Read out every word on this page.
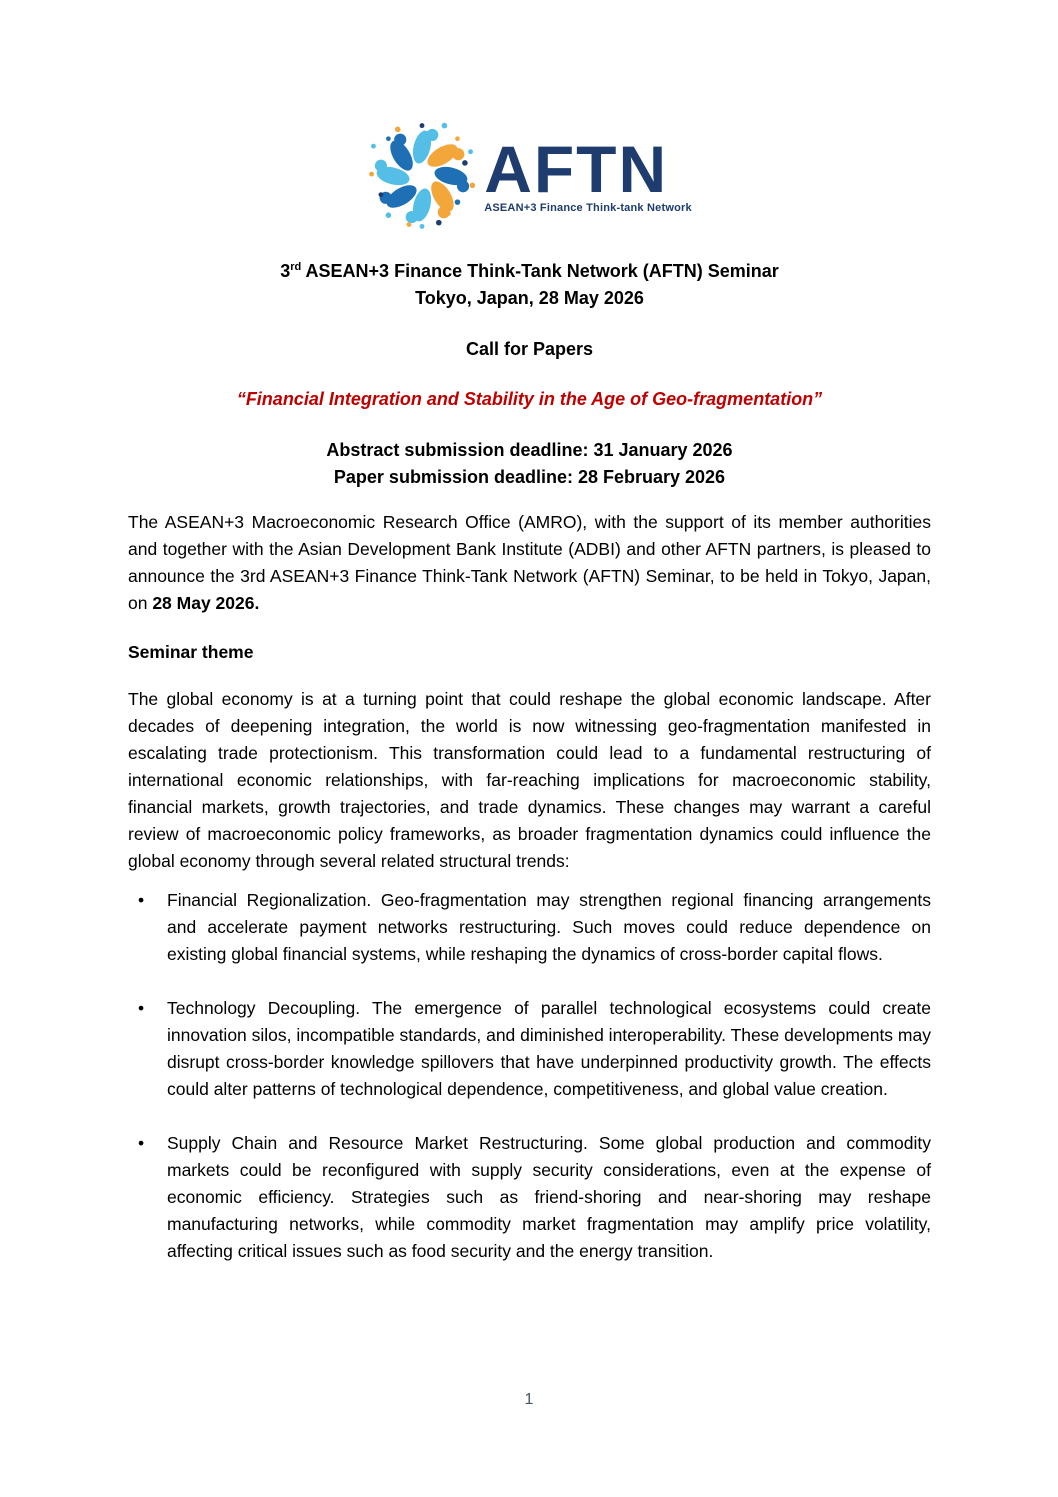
AFTN
ASEAN+3 Finance Think-tank Network
3rd ASEAN+3 Finance Think-Tank Network (AFTN) Seminar
Tokyo, Japan, 28 May 2026
Call for Papers
“Financial Integration and Stability in the Age of Geo-fragmentation”
Abstract submission deadline: 31 January 2026
Paper submission deadline: 28 February 2026

The ASEAN+3 Macroeconomic Research Office (AMRO), with the support of its member authorities and together with the Asian Development Bank Institute (ADBI) and other AFTN partners, is pleased to announce the 3rd ASEAN+3 Finance Think-Tank Network (AFTN) Seminar, to be held in Tokyo, Japan, on 28 May 2026.

Seminar theme

The global economy is at a turning point that could reshape the global economic landscape. After decades of deepening integration, the world is now witnessing geo-fragmentation manifested in escalating trade protectionism. This transformation could lead to a fundamental restructuring of international economic relationships, with far-reaching implications for macroeconomic stability, financial markets, growth trajectories, and trade dynamics. These changes may warrant a careful review of macroeconomic policy frameworks, as broader fragmentation dynamics could influence the global economy through several related structural trends:

•	Financial Regionalization. Geo-fragmentation may strengthen regional financing arrangements and accelerate payment networks restructuring. Such moves could reduce dependence on existing global financial systems, while reshaping the dynamics of cross-border capital flows.
•	Technology Decoupling. The emergence of parallel technological ecosystems could create innovation silos, incompatible standards, and diminished interoperability. These developments may disrupt cross-border knowledge spillovers that have underpinned productivity growth. The effects could alter patterns of technological dependence, competitiveness, and global value creation.
•	Supply Chain and Resource Market Restructuring. Some global production and commodity markets could be reconfigured with supply security considerations, even at the expense of economic efficiency. Strategies such as friend-shoring and near-shoring may reshape manufacturing networks, while commodity market fragmentation may amplify price volatility, affecting critical issues such as food security and the energy transition.
1
